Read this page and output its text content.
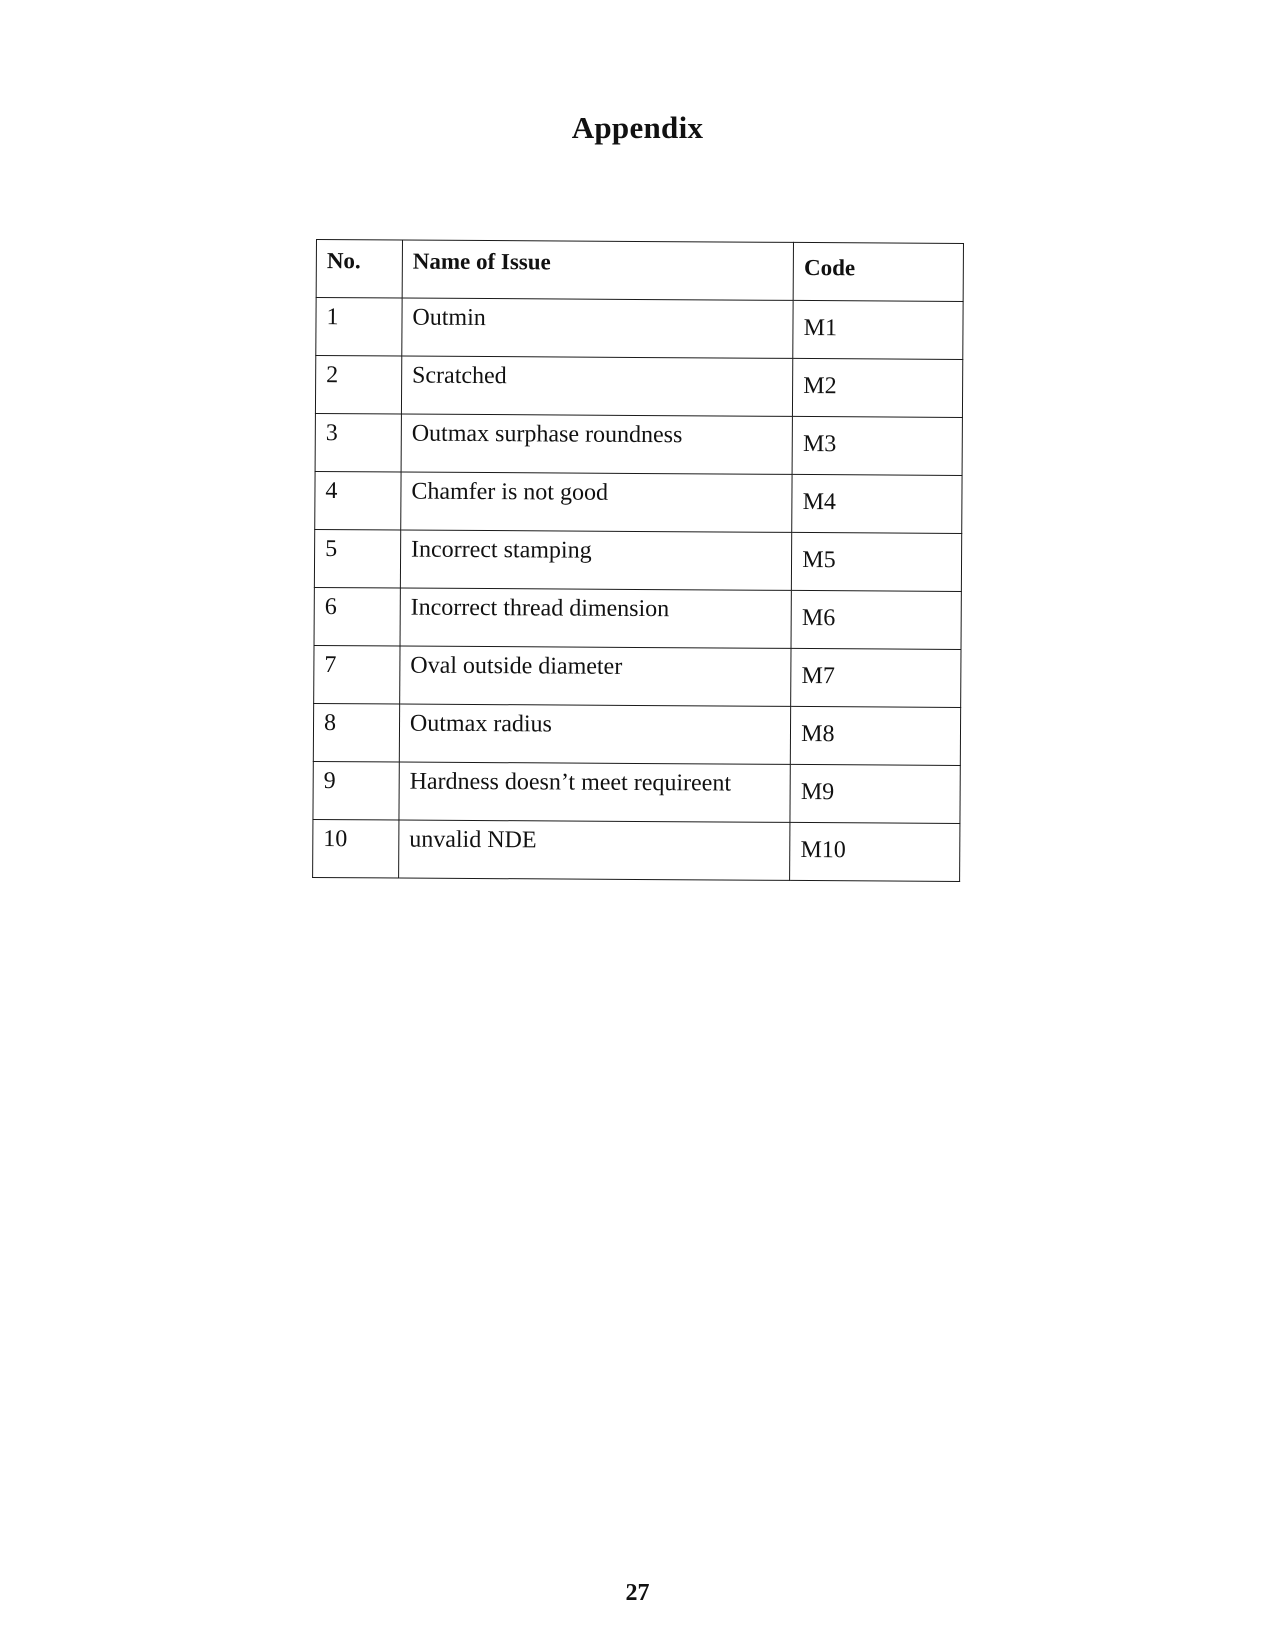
Appendix
No.	Name of Issue	Code
1	Outmin	M1
2	Scratched	M2
3	Outmax surphase roundness	M3
4	Chamfer is not good	M4
5	Incorrect stamping	M5
6	Incorrect thread dimension	M6
7	Oval outside diameter	M7
8	Outmax radius	M8
9	Hardness doesn’t meet requireent	M9
10	unvalid NDE	M10
27
